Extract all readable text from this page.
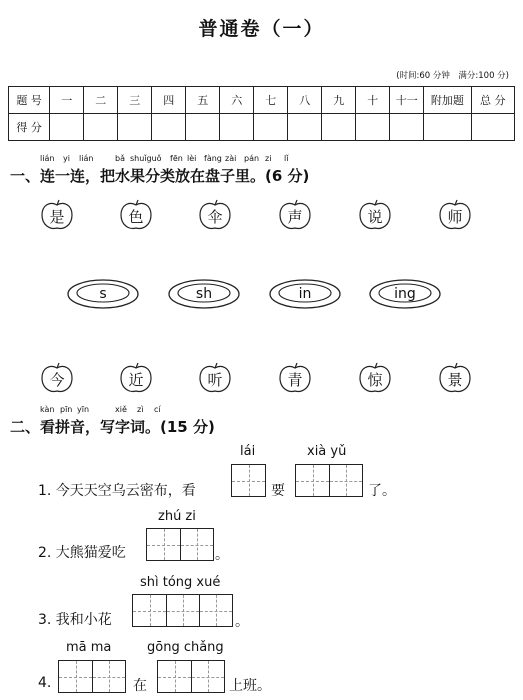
普通卷（一）
(时间:60 分钟　满分:100 分)
题 号	一	二	三	四	五	六	七	八	九	十	十一	附加题	总 分
得 分													
lián yi lián	bǎ shuǐguǒ fēn lèi fàng zài pán zi lǐ
一、连一连，把水果分类放在盘子里。(6 分)
是	色	伞	声	说	师
s	sh	in	ing
今	近	听	青	惊	景
kàn pīn yīn	xiě zì cí
二、看拼音，写字词。(15 分)
lái	xià yǔ
1. 今天天空乌云密布，看	要	了。
zhú zi
2. 大熊猫爱吃	。
shì tóng xué
3. 我和小花	。
mā ma	gōng chǎng
4.	在	上班。
